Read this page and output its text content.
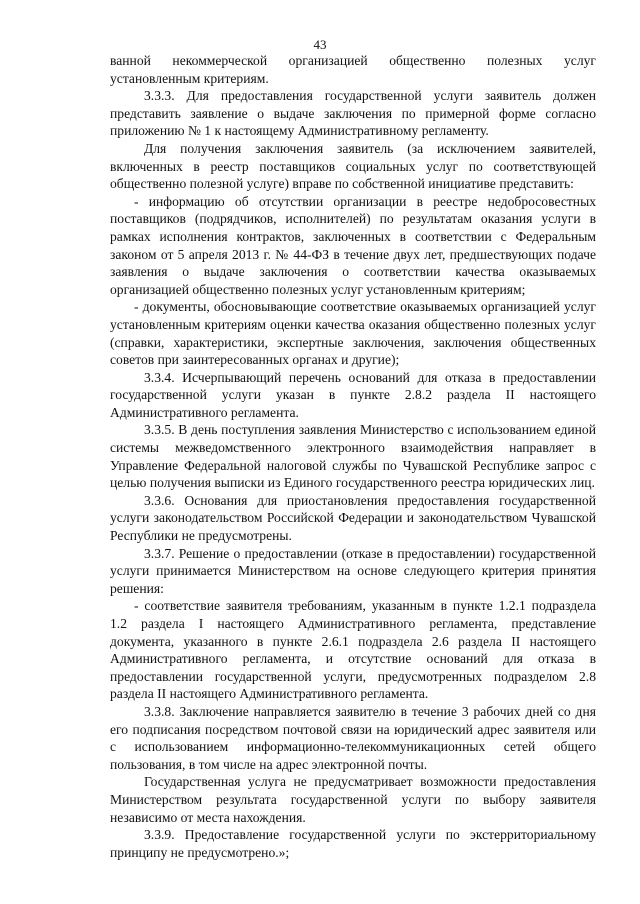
43

ванной некоммерческой организацией общественно полезных услуг установленным критериям.

3.3.3. Для предоставления государственной услуги заявитель должен представить заявление о выдаче заключения по примерной форме согласно приложению № 1 к настоящему Административному регламенту.

Для получения заключения заявитель (за исключением заявителей, включенных в реестр поставщиков социальных услуг по соответствующей общественно полезной услуге) вправе по собственной инициативе представить:

- информацию об отсутствии организации в реестре недобросовестных поставщиков (подрядчиков, исполнителей) по результатам оказания услуги в рамках исполнения контрактов, заключенных в соответствии с Федеральным законом от 5 апреля 2013 г. № 44-ФЗ в течение двух лет, предшествующих подаче заявления о выдаче заключения о соответствии качества оказываемых организацией общественно полезных услуг установленным критериям;

- документы, обосновывающие соответствие оказываемых организацией услуг установленным критериям оценки качества оказания общественно полезных услуг (справки, характеристики, экспертные заключения, заключения общественных советов при заинтересованных органах и другие);

3.3.4. Исчерпывающий перечень оснований для отказа в предоставлении государственной услуги указан в пункте 2.8.2 раздела II настоящего Административного регламента.

3.3.5. В день поступления заявления Министерство с использованием единой системы межведомственного электронного взаимодействия направляет в Управление Федеральной налоговой службы по Чувашской Республике запрос с целью получения выписки из Единого государственного реестра юридических лиц.

3.3.6. Основания для приостановления предоставления государственной услуги законодательством Российской Федерации и законодательством Чувашской Республики не предусмотрены.

3.3.7. Решение о предоставлении (отказе в предоставлении) государственной услуги принимается Министерством на основе следующего критерия принятия решения:

- соответствие заявителя требованиям, указанным в пункте 1.2.1 подраздела 1.2 раздела I настоящего Административного регламента, представление документа, указанного в пункте 2.6.1 подраздела 2.6 раздела II настоящего Административного регламента, и отсутствие оснований для отказа в предоставлении государственной услуги, предусмотренных подразделом 2.8 раздела II настоящего Административного регламента.

3.3.8. Заключение направляется заявителю в течение 3 рабочих дней со дня его подписания посредством почтовой связи на юридический адрес заявителя или с использованием информационно-телекоммуникационных сетей общего пользования, в том числе на адрес электронной почты.

Государственная услуга не предусматривает возможности предоставления Министерством результата государственной услуги по выбору заявителя независимо от места нахождения.

3.3.9. Предоставление государственной услуги по экстерриториальному принципу не предусмотрено.»;
